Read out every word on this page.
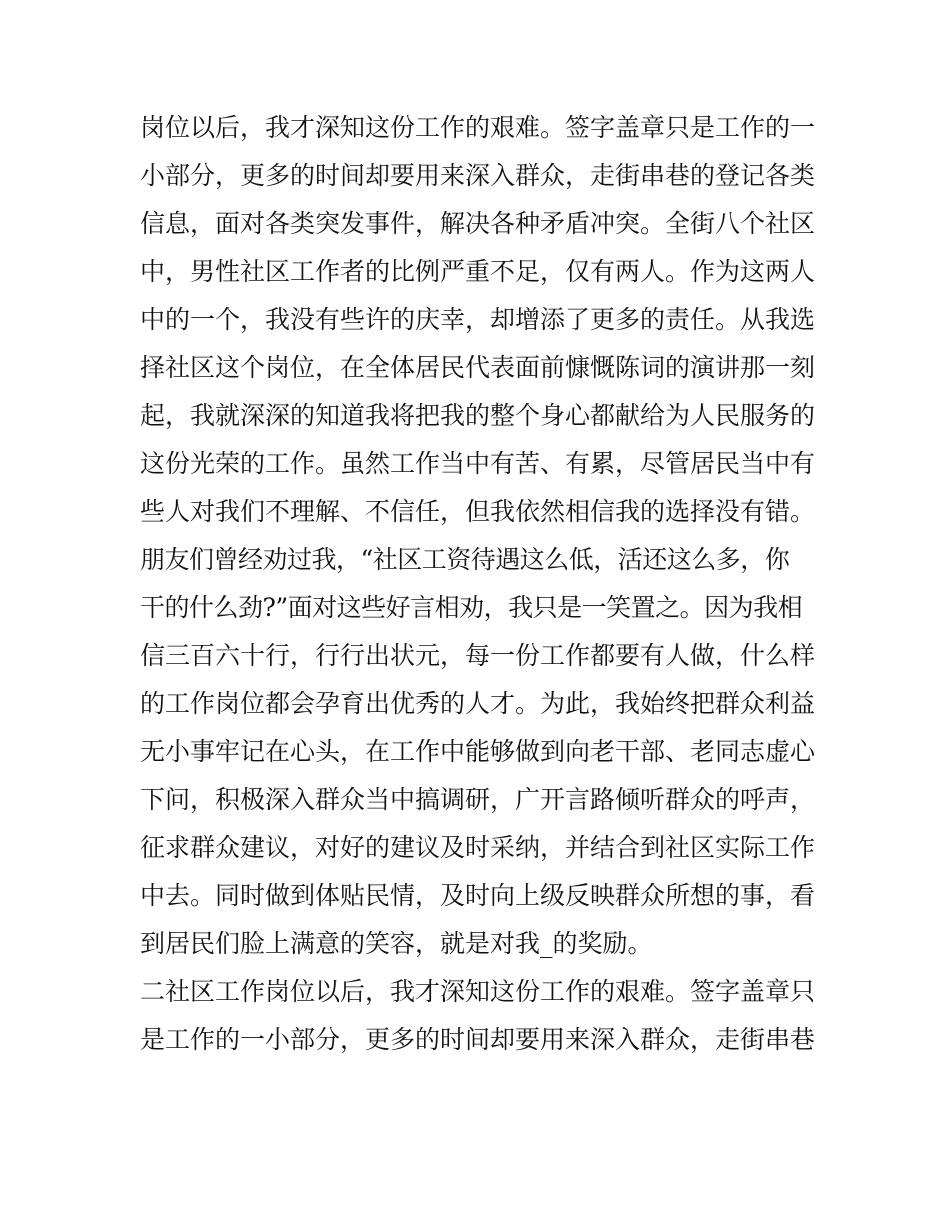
岗位以后，我才深知这份工作的艰难。签字盖章只是工作的一
小部分，更多的时间却要用来深入群众，走街串巷的登记各类
信息，面对各类突发事件，解决各种矛盾冲突。全街八个社区
中，男性社区工作者的比例严重不足，仅有两人。作为这两人
中的一个，我没有些许的庆幸，却增添了更多的责任。从我选
择社区这个岗位，在全体居民代表面前慷慨陈词的演讲那一刻
起，我就深深的知道我将把我的整个身心都献给为人民服务的
这份光荣的工作。虽然工作当中有苦、有累，尽管居民当中有
些人对我们不理解、不信任，但我依然相信我的选择没有错。
朋友们曾经劝过我，“社区工资待遇这么低，活还这么多，你
干的什么劲?”面对这些好言相劝，我只是一笑置之。因为我相
信三百六十行，行行出状元，每一份工作都要有人做，什么样
的工作岗位都会孕育出优秀的人才。为此，我始终把群众利益
无小事牢记在心头，在工作中能够做到向老干部、老同志虚心
下问，积极深入群众当中搞调研，广开言路倾听群众的呼声，
征求群众建议，对好的建议及时采纳，并结合到社区实际工作
中去。同时做到体贴民情，及时向上级反映群众所想的事，看
到居民们脸上满意的笑容，就是对我_的奖励。
二社区工作岗位以后，我才深知这份工作的艰难。签字盖章只
是工作的一小部分，更多的时间却要用来深入群众，走街串巷
